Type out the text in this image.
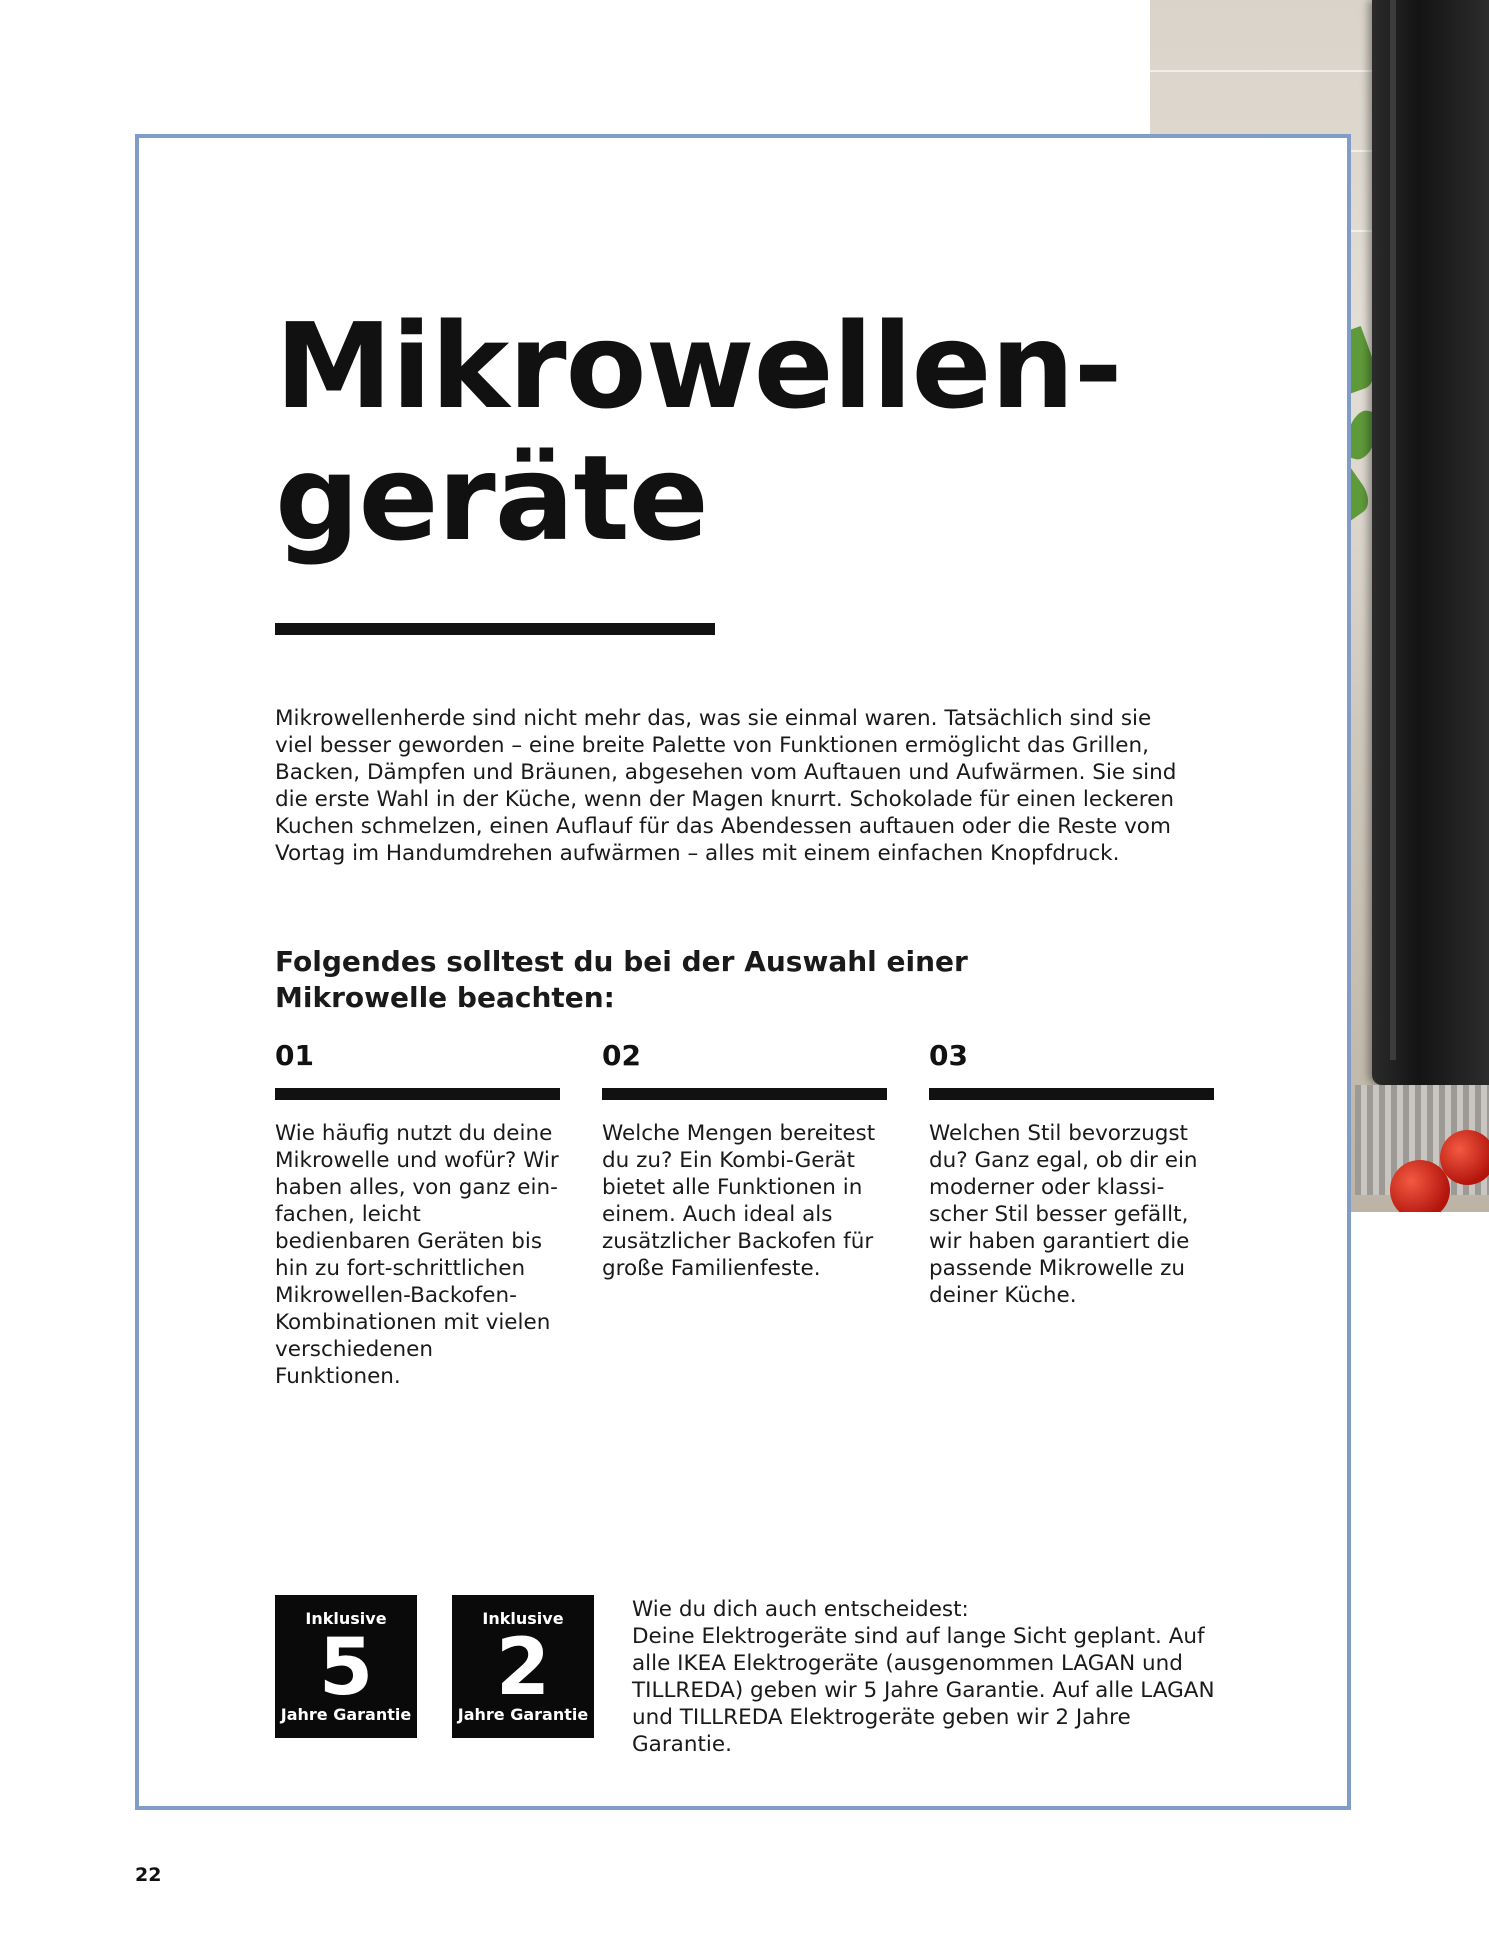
Mikrowellen-
geräte

Mikrowellenherde sind nicht mehr das, was sie einmal waren. Tatsächlich sind sie viel besser geworden – eine breite Palette von Funktionen ermöglicht das Grillen, Backen, Dämpfen und Bräunen, abgesehen vom Auftauen und Aufwärmen. Sie sind die erste Wahl in der Küche, wenn der Magen knurrt. Schokolade für einen leckeren Kuchen schmelzen, einen Auflauf für das Abendessen auftauen oder die Reste vom Vortag im Handumdrehen aufwärmen – alles mit einem einfachen Knopfdruck.

Folgendes solltest du bei der Auswahl einer Mikrowelle beachten:
01
Wie häufig nutzt du deine Mikrowelle und wofür? Wir haben alles, von ganz ein-fachen, leicht bedienbaren Geräten bis hin zu fort-schrittlichen Mikrowellen-Backofen-Kombinationen mit vielen verschiedenen Funktionen.
02
Welche Mengen bereitest du zu? Ein Kombi-Gerät bietet alle Funktionen in einem. Auch ideal als zusätzlicher Backofen für große Familienfeste.
03
Welchen Stil bevorzugst du? Ganz egal, ob dir ein moderner oder klassi-scher Stil besser gefällt, wir haben garantiert die passende Mikrowelle zu deiner Küche.
Inklusive
5
Jahre Garantie
Inklusive
2
Jahre Garantie

Wie du dich auch entscheidest:
Deine Elektrogeräte sind auf lange Sicht geplant. Auf alle IKEA Elektrogeräte (ausgenommen LAGAN und TILLREDA) geben wir 5 Jahre Garantie. Auf alle LAGAN und TILLREDA Elektrogeräte geben wir 2 Jahre Garantie.

22
